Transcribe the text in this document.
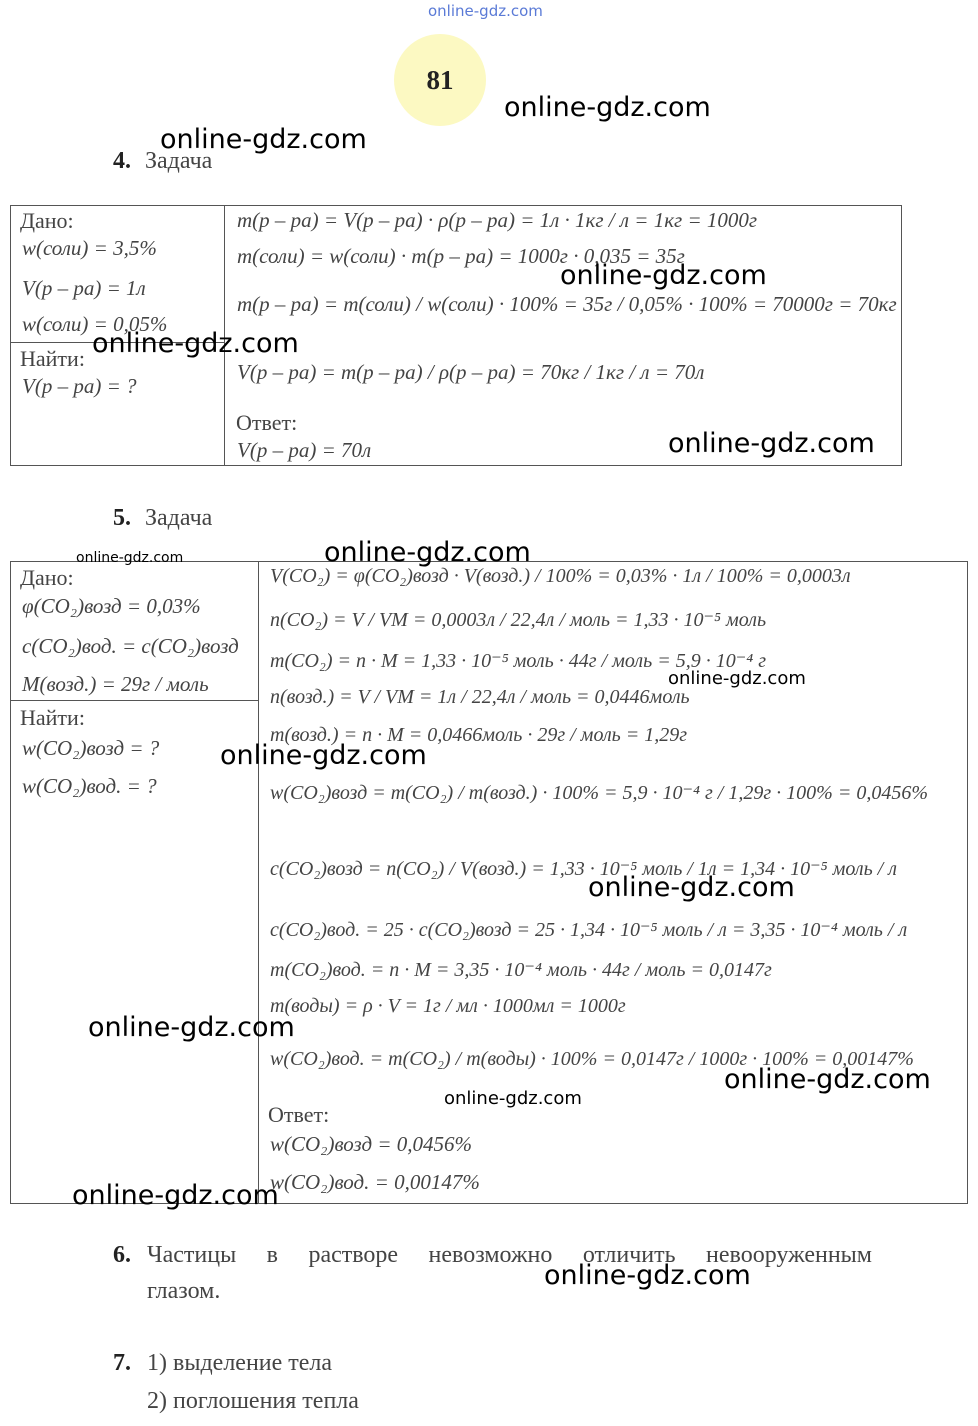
online-gdz.com
81
4. Задача
Дано:
w(соли) = 3,5%
V(р – ра) = 1л
w(соли) = 0,05%
Найти:
V(р – ра) = ?
m(р – ра) = V(р – ра) · ρ(р – ра) = 1л · 1кг / л = 1кг = 1000г
m(соли) = w(соли) · m(р – ра) = 1000г · 0,035 = 35г
m(р – ра) = m(соли) / w(соли) · 100% = 35г / 0,05% · 100% = 70000г = 70кг
V(р – ра) = m(р – ра) / ρ(р – ра) = 70кг / 1кг / л = 70л
Ответ:
V(р – ра) = 70л
5. Задача
Дано:
φ(CO₂)возд = 0,03%
c(CO₂)вод. = c(CO₂)возд
M(возд.) = 29г / моль
Найти:
w(CO₂)возд = ?
w(CO₂)вод. = ?
V(CO₂) = φ(CO₂)возд · V(возд.) / 100% = 0,03% · 1л / 100% = 0,0003л
n(CO₂) = V / VM = 0,0003л / 22,4л / моль = 1,33 · 10⁻⁵ моль
m(CO₂) = n · M = 1,33 · 10⁻⁵ моль · 44г / моль = 5,9 · 10⁻⁴ г
n(возд.) = V / VM = 1л / 22,4л / моль = 0,0446моль
m(возд.) = n · M = 0,0466моль · 29г / моль = 1,29г
w(CO₂)возд = m(CO₂) / m(возд.) · 100% = 5,9 · 10⁻⁴ г / 1,29г · 100% = 0,0456%
c(CO₂)возд = n(CO₂) / V(возд.) = 1,33 · 10⁻⁵ моль / 1л = 1,34 · 10⁻⁵ моль / л
c(CO₂)вод. = 25 · c(CO₂)возд = 25 · 1,34 · 10⁻⁵ моль / л = 3,35 · 10⁻⁴ моль / л
m(CO₂)вод. = n · M = 3,35 · 10⁻⁴ моль · 44г / моль = 0,0147г
m(воды) = ρ · V = 1г / мл · 1000мл = 1000г
w(CO₂)вод. = m(CO₂) / m(воды) · 100% = 0,0147г / 1000г · 100% = 0,00147%
Ответ:
w(CO₂)возд = 0,0456%
w(CO₂)вод. = 0,00147%
6. Частицы в растворе невозможно отличить невооруженным
глазом.
7. 1) выделение тела
2) поглошения тепла
online-gdz.com
online-gdz.com
online-gdz.com
online-gdz.com
online-gdz.com
online-gdz.com
online-gdz.com
online-gdz.com
online-gdz.com
online-gdz.com
online-gdz.com
online-gdz.com
online-gdz.com
online-gdz.com
online-gdz.com
